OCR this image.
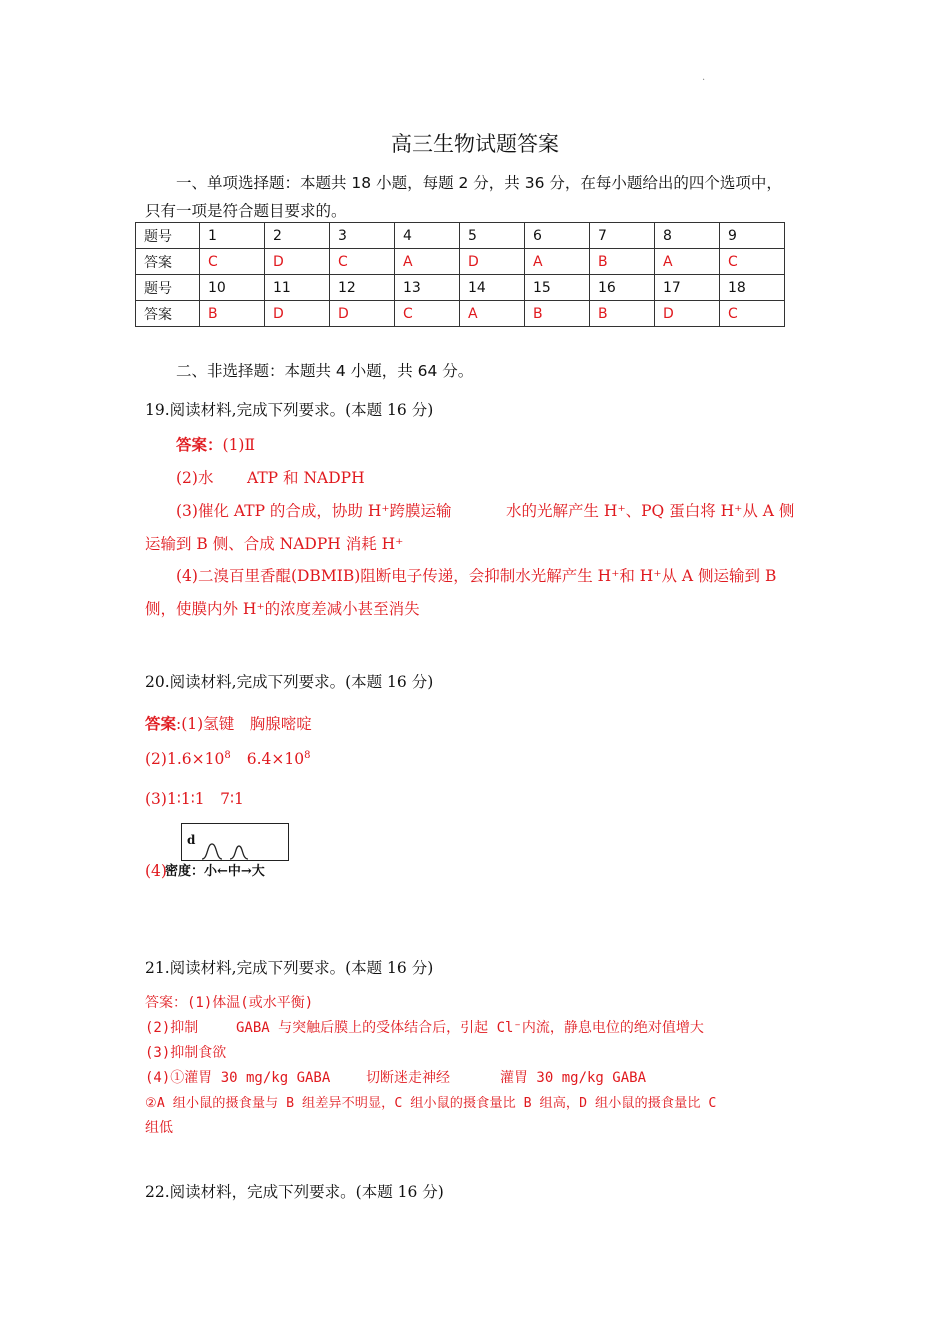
.
高三生物试题答案
一、单项选择题：本题共 18 小题，每题 2 分，共 36 分，在每小题给出的四个选项中，
只有一项是符合题目要求的。
题号	1	2	3	4	5	6	7	8	9
答案	C	D	C	A	D	A	B	A	C
题号	10	11	12	13	14	15	16	17	18
答案	B	D	D	C	A	B	B	D	C
二、非选择题：本题共 4 小题，共 64 分。
19.阅读材料,完成下列要求。(本题 16 分)
答案：(1)Ⅱ
(2)水 ATP 和 NADPH
(3)催化 ATP 的合成，协助 H⁺跨膜运输	水的光解产生 H⁺、PQ 蛋白将 H⁺从 A 侧
运输到 B 侧、合成 NADPH 消耗 H⁺
(4)二溴百里香醌(DBMIB)阻断电子传递，会抑制水光解产生 H⁺和 H⁺从 A 侧运输到 B
侧，使膜内外 H⁺的浓度差减小甚至消失
20.阅读材料,完成下列要求。(本题 16 分)
答案:(1)氢键　胸腺嘧啶
$(2)1.6\times 10^8$ $6.4\times 10^8$
(3)1∶1∶1　7∶1
d
(4)
密度：小←中→大
21.阅读材料,完成下列要求。(本题 16 分)
答案：(1)体温(或水平衡)
(2)抑制	GABA 与突触后膜上的受体结合后，引起 Cl⁻内流，静息电位的绝对值增大
(3)抑制食欲
(4)①灌胃 30 mg/kg GABA	切断迷走神经	灌胃 30 mg/kg GABA
②A 组小鼠的摄食量与 B 组差异不明显，C 组小鼠的摄食量比 B 组高，D 组小鼠的摄食量比 C
组低
22.阅读材料，完成下列要求。(本题 16 分)
